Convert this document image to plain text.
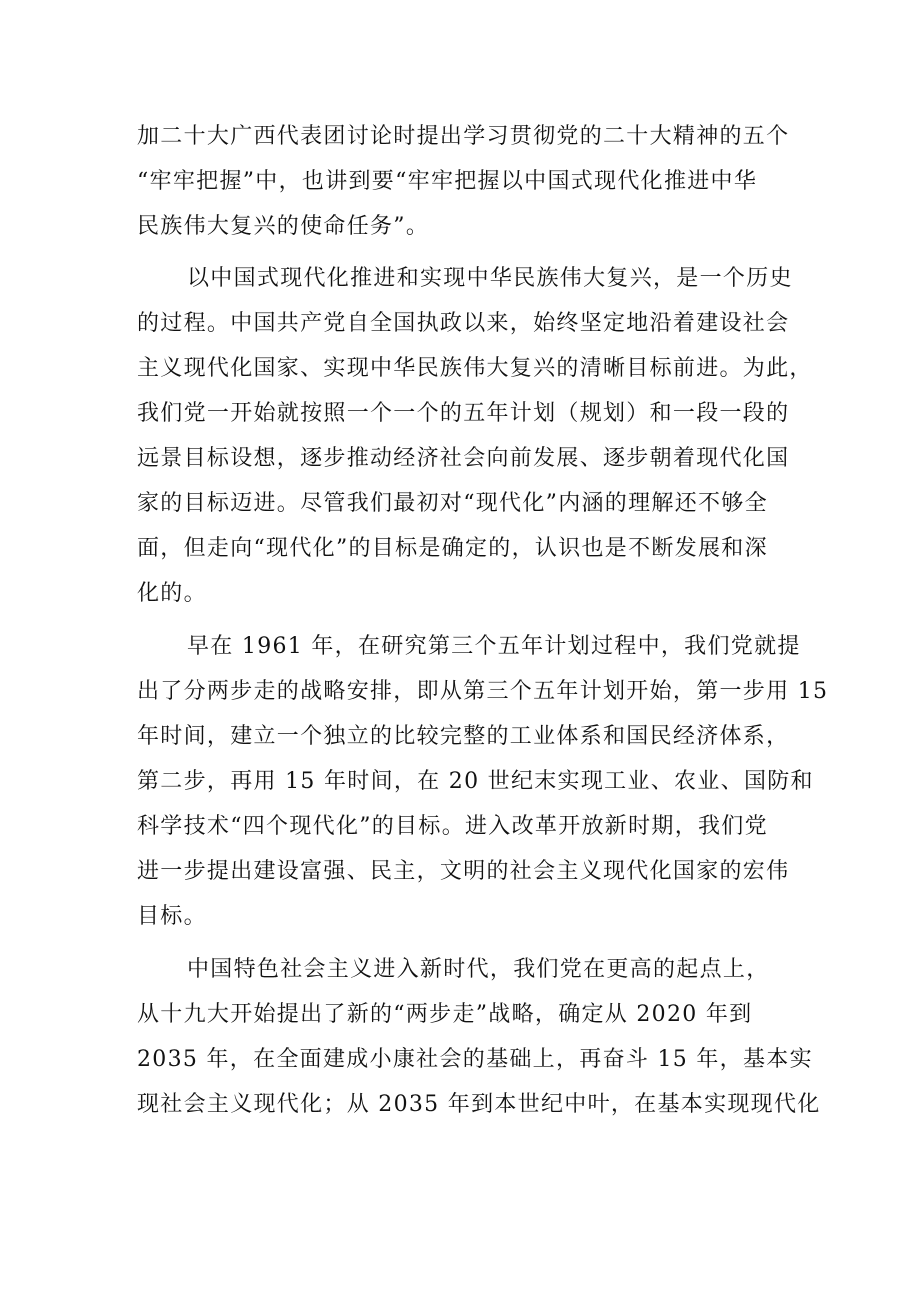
加二十大广西代表团讨论时提出学习贯彻党的二十大精神的五个
“牢牢把握”中，也讲到要“牢牢把握以中国式现代化推进中华
民族伟大复兴的使命任务”。
以中国式现代化推进和实现中华民族伟大复兴，是一个历史
的过程。中国共产党自全国执政以来，始终坚定地沿着建设社会
主义现代化国家、实现中华民族伟大复兴的清晰目标前进。为此，
我们党一开始就按照一个一个的五年计划（规划）和一段一段的
远景目标设想，逐步推动经济社会向前发展、逐步朝着现代化国
家的目标迈进。尽管我们最初对“现代化”内涵的理解还不够全
面，但走向“现代化”的目标是确定的，认识也是不断发展和深
化的。
早在 1961 年，在研究第三个五年计划过程中，我们党就提
出了分两步走的战略安排，即从第三个五年计划开始，第一步用 15
年时间，建立一个独立的比较完整的工业体系和国民经济体系，
第二步，再用 15 年时间，在 20 世纪末实现工业、农业、国防和
科学技术“四个现代化”的目标。进入改革开放新时期，我们党
进一步提出建设富强、民主，文明的社会主义现代化国家的宏伟
目标。
中国特色社会主义进入新时代，我们党在更高的起点上，
从十九大开始提出了新的“两步走”战略，确定从 2020 年到
2035 年，在全面建成小康社会的基础上，再奋斗 15 年，基本实
现社会主义现代化；从 2035 年到本世纪中叶，在基本实现现代化
